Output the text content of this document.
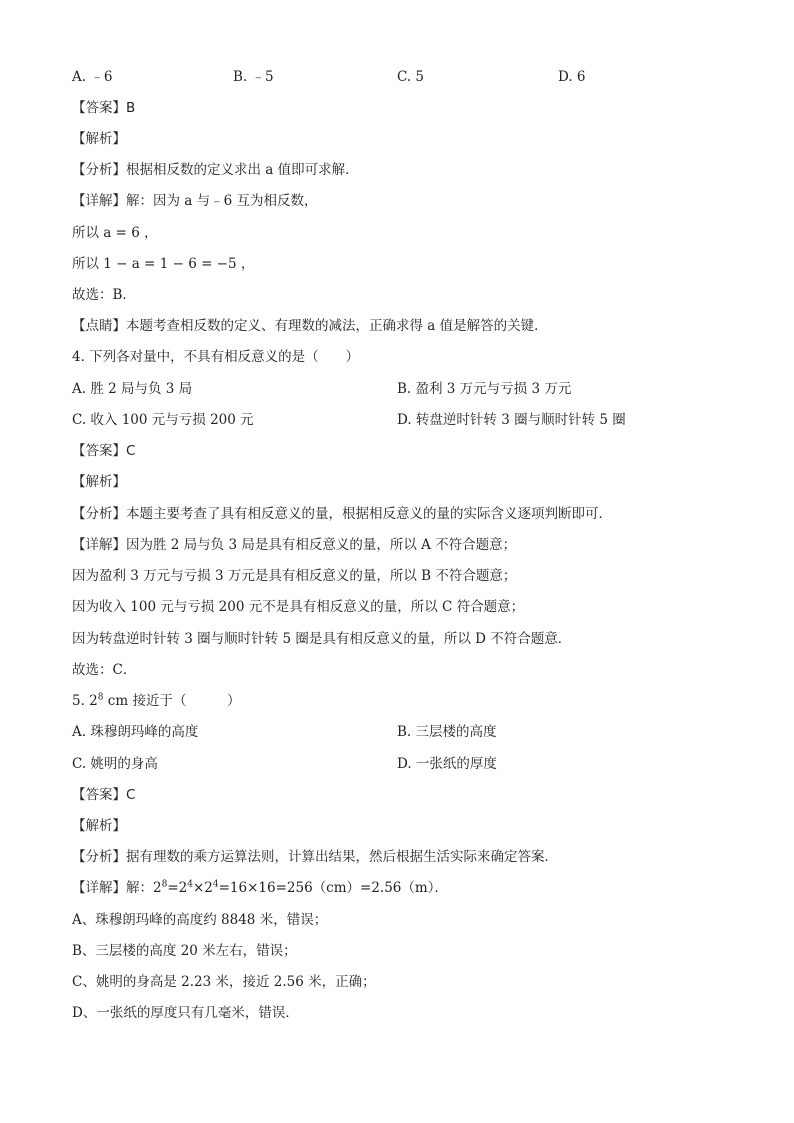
A. ﹣6	B. ﹣5	C. 5	D. 6
【答案】B
【解析】
【分析】根据相反数的定义求出 a 值即可求解．
【详解】解：因为 a 与﹣6 互为相反数，
所以 a = 6 ，
所以 1 − a = 1 − 6 = −5 ，
故选：B．
【点睛】本题考查相反数的定义、有理数的减法，正确求得 a 值是解答的关键．
4. 下列各对量中，不具有相反意义的是（　　）
A. 胜 2 局与负 3 局	B. 盈利 3 万元与亏损 3 万元
C. 收入 100 元与亏损 200 元	D. 转盘逆时针转 3 圈与顺时针转 5 圈
【答案】C
【解析】
【分析】本题主要考查了具有相反意义的量，根据相反意义的量的实际含义逐项判断即可．
【详解】因为胜 2 局与负 3 局是具有相反意义的量，所以 A 不符合题意；
因为盈利 3 万元与亏损 3 万元是具有相反意义的量，所以 B 不符合题意；
因为收入 100 元与亏损 200 元不是具有相反意义的量，所以 C 符合题意；
因为转盘逆时针转 3 圈与顺时针转 5 圈是具有相反意义的量，所以 D 不符合题意．
故选：C．
5. $2^8$ cm 接近于（　　　）
A. 珠穆朗玛峰的高度	B. 三层楼的高度
C. 姚明的身高	D. 一张纸的厚度
【答案】C
【解析】
【分析】据有理数的乘方运算法则，计算出结果，然后根据生活实际来确定答案．
【详解】解：$2^8=2^4\times 2^4=16\times 16=256(cm)=2.56(m)$．
A、珠穆朗玛峰的高度约 8848 米，错误；
B、三层楼的高度 20 米左右，错误；
C、姚明的身高是 2.23 米，接近 2.56 米，正确；
D、一张纸的厚度只有几毫米，错误．
